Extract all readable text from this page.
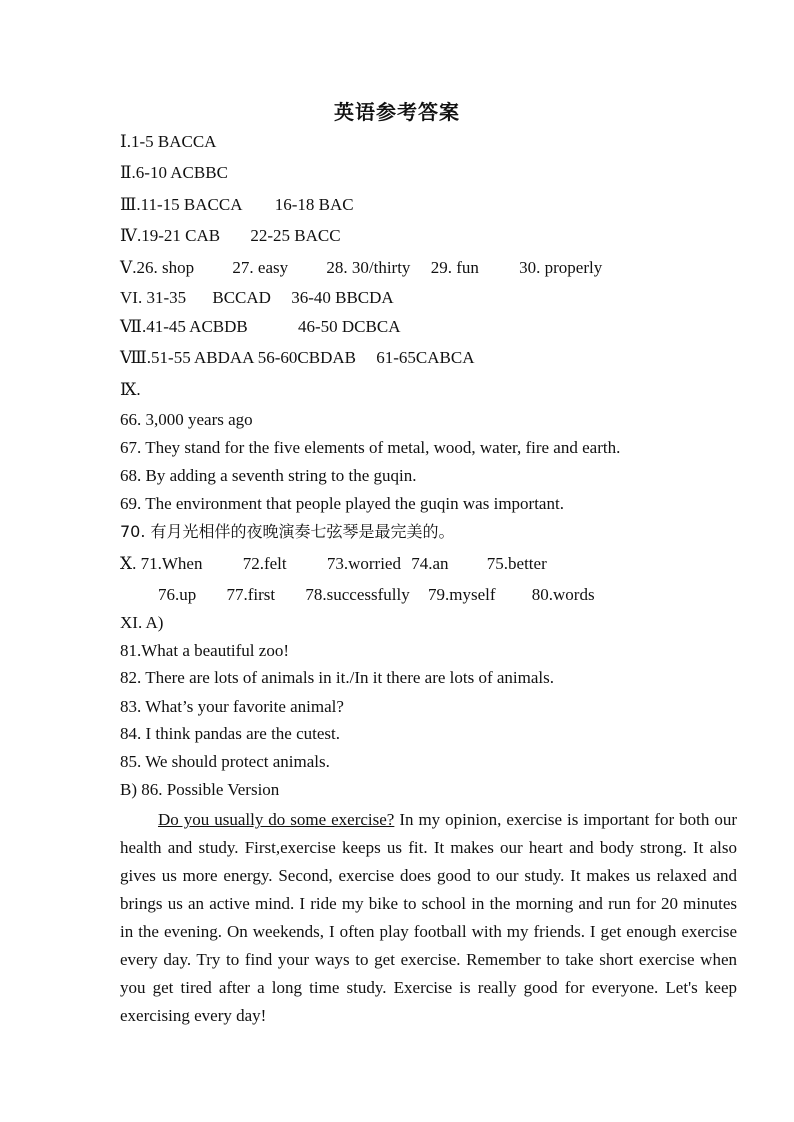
英语参考答案
Ⅰ.1-5 BACCA
Ⅱ.6-10 ACBBC
Ⅲ.11-15 BACCA 16-18 BAC
Ⅳ.19-21 CAB 22-25 BACC
Ⅴ.26. shop 27. easy 28. 30/thirty 29. fun 30. properly
VI. 31-35 BCCAD 36-40 BBCDA
Ⅶ.41-45 ACBDB	46-50 DCBCA
Ⅷ.51-55 ABDAA 56-60CBDAB 61-65CABCA
Ⅸ.
66. 3,000 years ago
67. They stand for the five elements of metal, wood, water, fire and earth.
68. By adding a seventh string to the guqin.
69. The environment that people played the guqin was important.
70. 有月光相伴的夜晚演奏七弦琴是最完美的。
Ⅹ. 71.When 72.felt 73.worried 74.an 75.better
76.up 77.first 78.successfully 79.myself 80.words
XI. A)
81.What a beautiful zoo!
82. There are lots of animals in it./In it there are lots of animals.
83. What’s your favorite animal?
84. I think pandas are the cutest.
85. We should protect animals.
B) 86. Possible Version
Do you usually do some exercise? In my opinion, exercise is important for both our health and study. First,exercise keeps us fit. It makes our heart and body strong. It also gives us more energy. Second, exercise does good to our study. It makes us relaxed and brings us an active mind. I ride my bike to school in the morning and run for 20 minutes in the evening. On weekends, I often play football with my friends. I get enough exercise every day. Try to find your ways to get exercise. Remember to take short exercise when you get tired after a long time study. Exercise is really good for everyone. Let's keep exercising every day!
